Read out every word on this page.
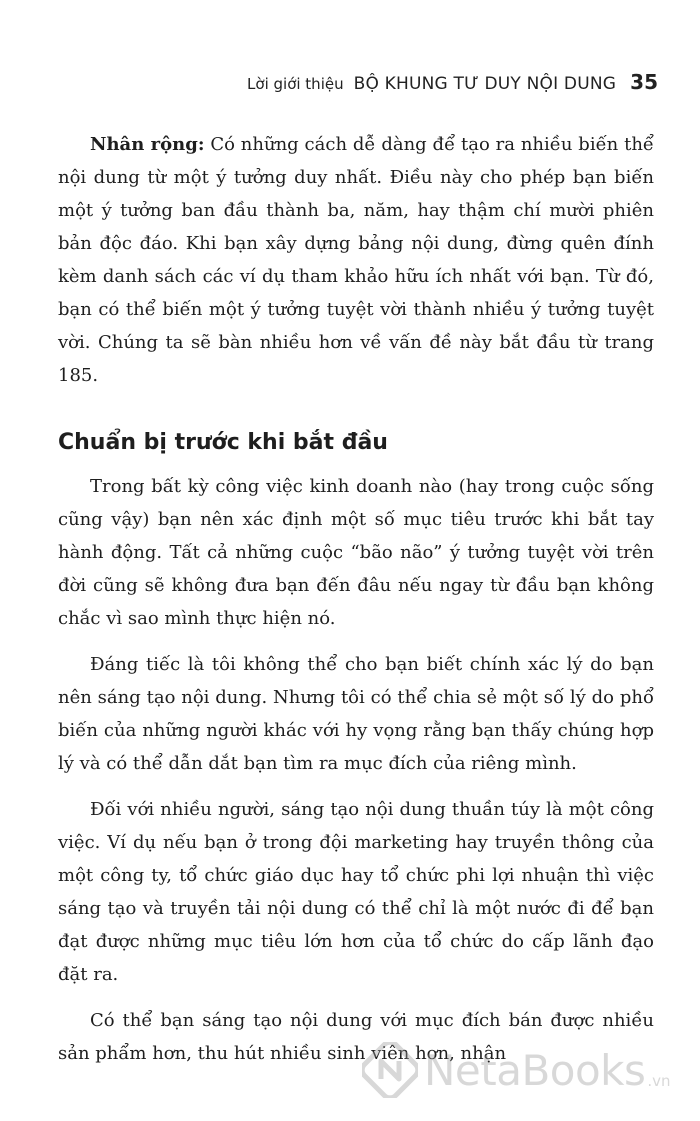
Lời giới thiệu BỘ KHUNG TƯ DUY NỘI DUNG 35

Nhân rộng: Có những cách dễ dàng để tạo ra nhiều biến thể nội dung từ một ý tưởng duy nhất. Điều này cho phép bạn biến một ý tưởng ban đầu thành ba, năm, hay thậm chí mười phiên bản độc đáo. Khi bạn xây dựng bảng nội dung, đừng quên đính kèm danh sách các ví dụ tham khảo hữu ích nhất với bạn. Từ đó, bạn có thể biến một ý tưởng tuyệt vời thành nhiều ý tưởng tuyệt vời. Chúng ta sẽ bàn nhiều hơn về vấn đề này bắt đầu từ trang 185.

Chuẩn bị trước khi bắt đầu

Trong bất kỳ công việc kinh doanh nào (hay trong cuộc sống cũng vậy) bạn nên xác định một số mục tiêu trước khi bắt tay hành động. Tất cả những cuộc “bão não” ý tưởng tuyệt vời trên đời cũng sẽ không đưa bạn đến đâu nếu ngay từ đầu bạn không chắc vì sao mình thực hiện nó.

Đáng tiếc là tôi không thể cho bạn biết chính xác lý do bạn nên sáng tạo nội dung. Nhưng tôi có thể chia sẻ một số lý do phổ biến của những người khác với hy vọng rằng bạn thấy chúng hợp lý và có thể dẫn dắt bạn tìm ra mục đích của riêng mình.

Đối với nhiều người, sáng tạo nội dung thuần túy là một công việc. Ví dụ nếu bạn ở trong đội marketing hay truyền thông của một công ty, tổ chức giáo dục hay tổ chức phi lợi nhuận thì việc sáng tạo và truyền tải nội dung có thể chỉ là một nước đi để bạn đạt được những mục tiêu lớn hơn của tổ chức do cấp lãnh đạo đặt ra.

Có thể bạn sáng tạo nội dung với mục đích bán được nhiều sản phẩm hơn, thu hút nhiều sinh viên hơn, nhận

NetaBooks .vn
